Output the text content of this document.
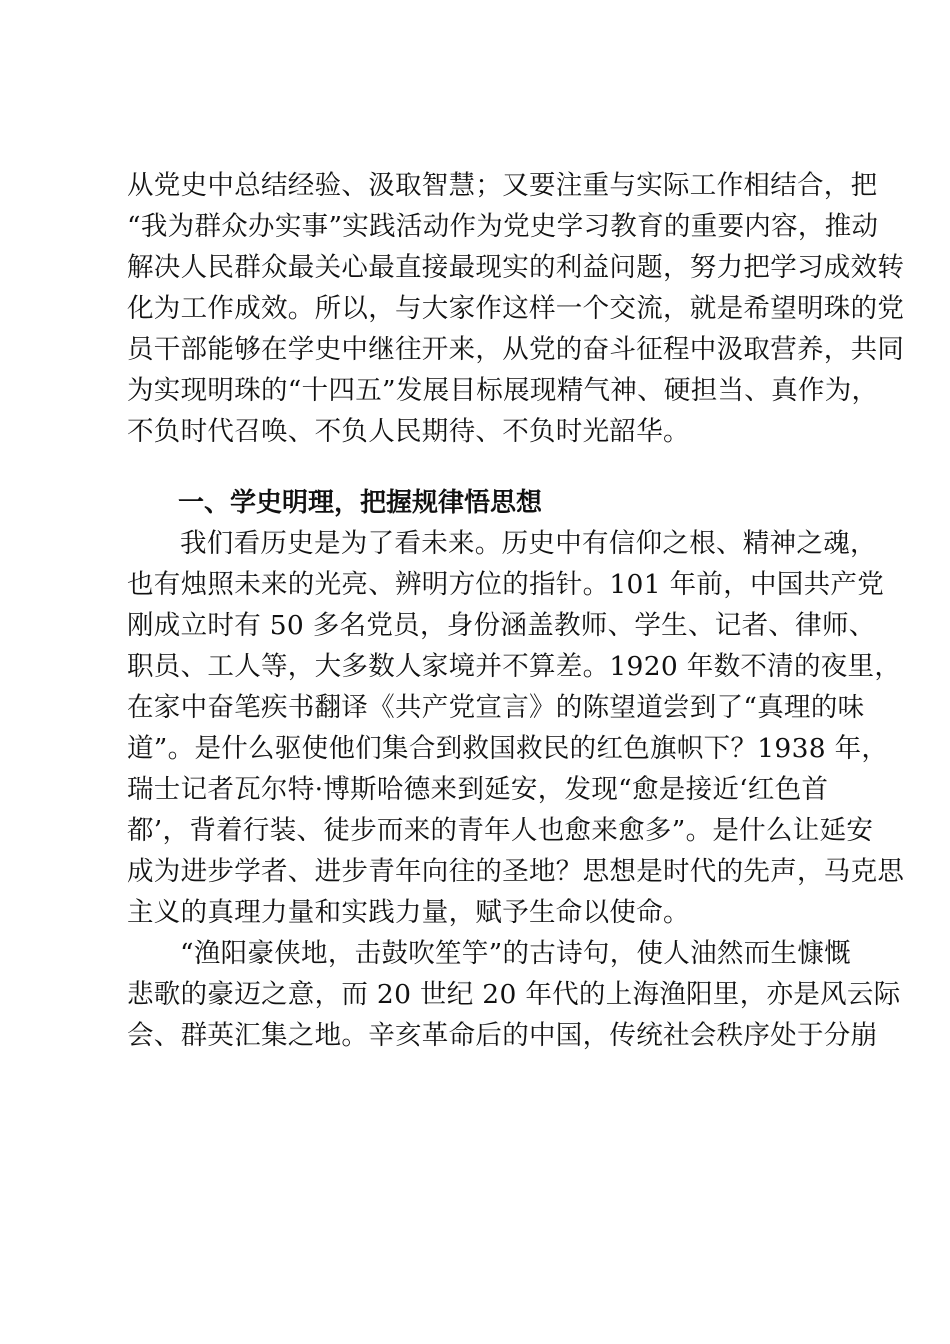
从党史中总结经验、汲取智慧；又要注重与实际工作相结合，把
“我为群众办实事”实践活动作为党史学习教育的重要内容，推动
解决人民群众最关心最直接最现实的利益问题，努力把学习成效转
化为工作成效。所以，与大家作这样一个交流，就是希望明珠的党
员干部能够在学史中继往开来，从党的奋斗征程中汲取营养，共同
为实现明珠的“十四五”发展目标展现精气神、硬担当、真作为，
不负时代召唤、不负人民期待、不负时光韶华。
一、学史明理，把握规律悟思想
我们看历史是为了看未来。历史中有信仰之根、精神之魂，
也有烛照未来的光亮、辨明方位的指针。101 年前，中国共产党
刚成立时有 50 多名党员，身份涵盖教师、学生、记者、律师、
职员、工人等，大多数人家境并不算差。1920 年数不清的夜里，
在家中奋笔疾书翻译《共产党宣言》的陈望道尝到了“真理的味
道”。是什么驱使他们集合到救国救民的红色旗帜下？1938 年，
瑞士记者瓦尔特·博斯哈德来到延安，发现“愈是接近‘红色首
都’，背着行装、徒步而来的青年人也愈来愈多”。是什么让延安
成为进步学者、进步青年向往的圣地？思想是时代的先声，马克思
主义的真理力量和实践力量，赋予生命以使命。
“渔阳豪侠地，击鼓吹笙竽”的古诗句，使人油然而生慷慨
悲歌的豪迈之意，而 20 世纪 20 年代的上海渔阳里，亦是风云际
会、群英汇集之地。辛亥革命后的中国，传统社会秩序处于分崩
